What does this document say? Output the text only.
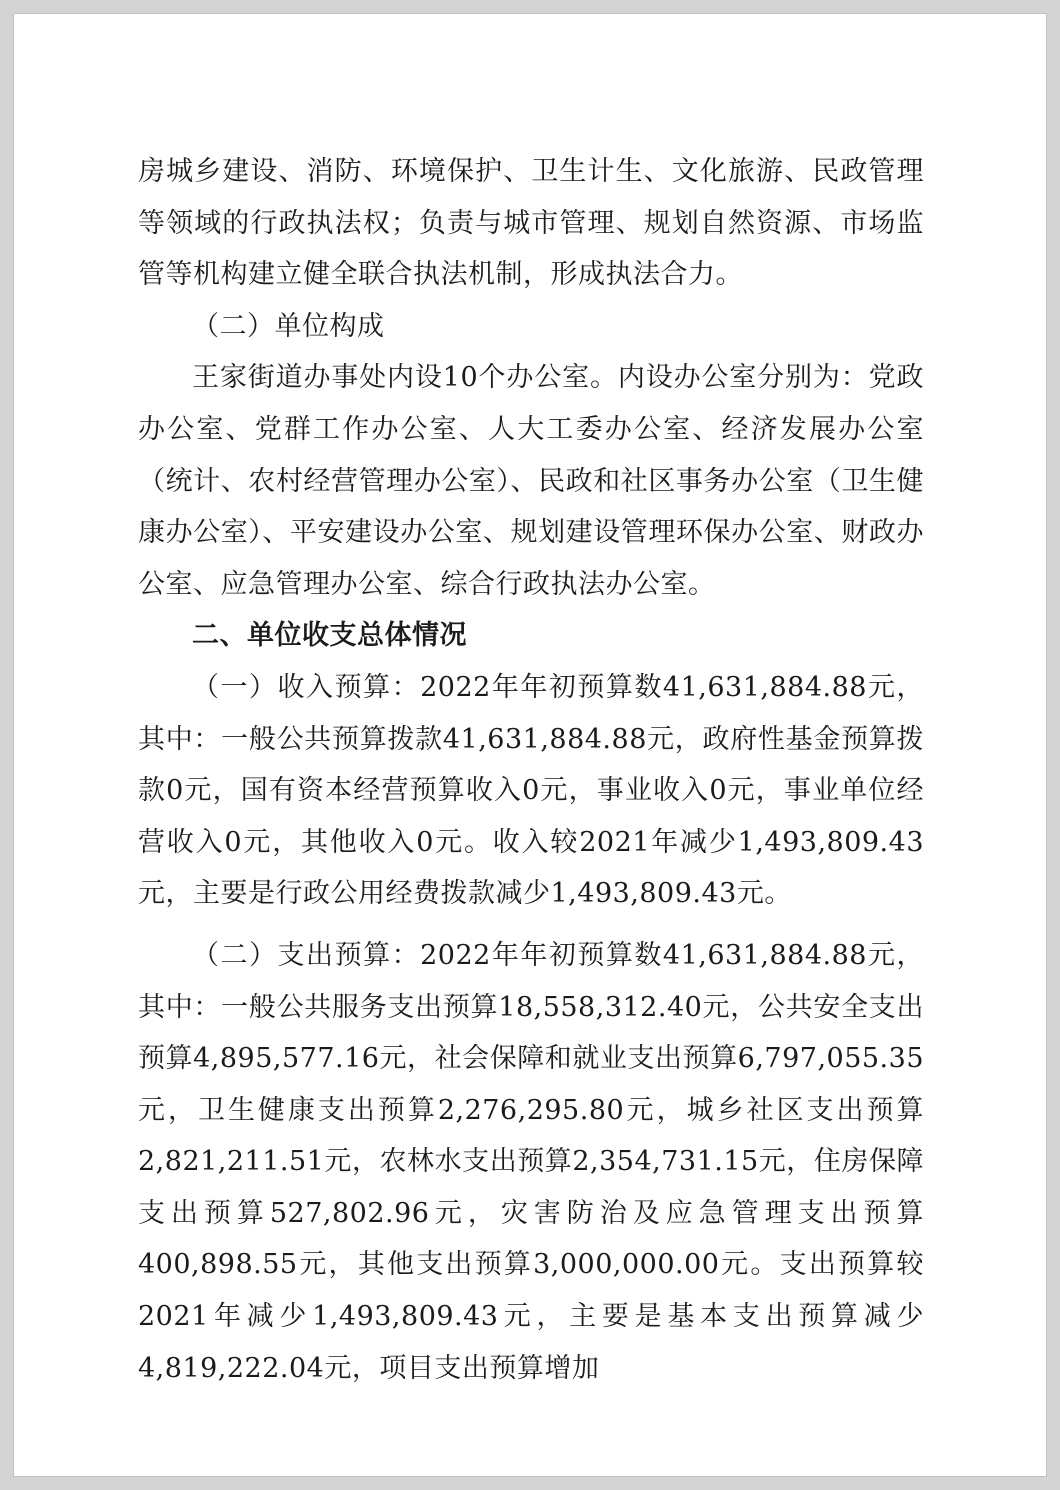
房城乡建设、消防、环境保护、卫生计生、文化旅游、民政管理等领域的行政执法权；负责与城市管理、规划自然资源、市场监管等机构建立健全联合执法机制，形成执法合力。

（二）单位构成

王家街道办事处内设10个办公室。内设办公室分别为：党政办公室、党群工作办公室、人大工委办公室、经济发展办公室（统计、农村经营管理办公室）、民政和社区事务办公室（卫生健康办公室）、平安建设办公室、规划建设管理环保办公室、财政办公室、应急管理办公室、综合行政执法办公室。

二、单位收支总体情况

（一）收入预算：2022年年初预算数41,631,884.88元，其中：一般公共预算拨款41,631,884.88元，政府性基金预算拨款0元，国有资本经营预算收入0元，事业收入0元，事业单位经营收入0元，其他收入0元。收入较2021年减少1,493,809.43元，主要是行政公用经费拨款减少1,493,809.43元。

（二）支出预算：2022年年初预算数41,631,884.88元，其中：一般公共服务支出预算18,558,312.40元，公共安全支出预算4,895,577.16元，社会保障和就业支出预算6,797,055.35元，卫生健康支出预算2,276,295.80元，城乡社区支出预算2,821,211.51元，农林水支出预算2,354,731.15元，住房保障支出预算527,802.96元，灾害防治及应急管理支出预算400,898.55元，其他支出预算3,000,000.00元。支出预算较2021年减少1,493,809.43元，主要是基本支出预算减少4,819,222.04元，项目支出预算增加
